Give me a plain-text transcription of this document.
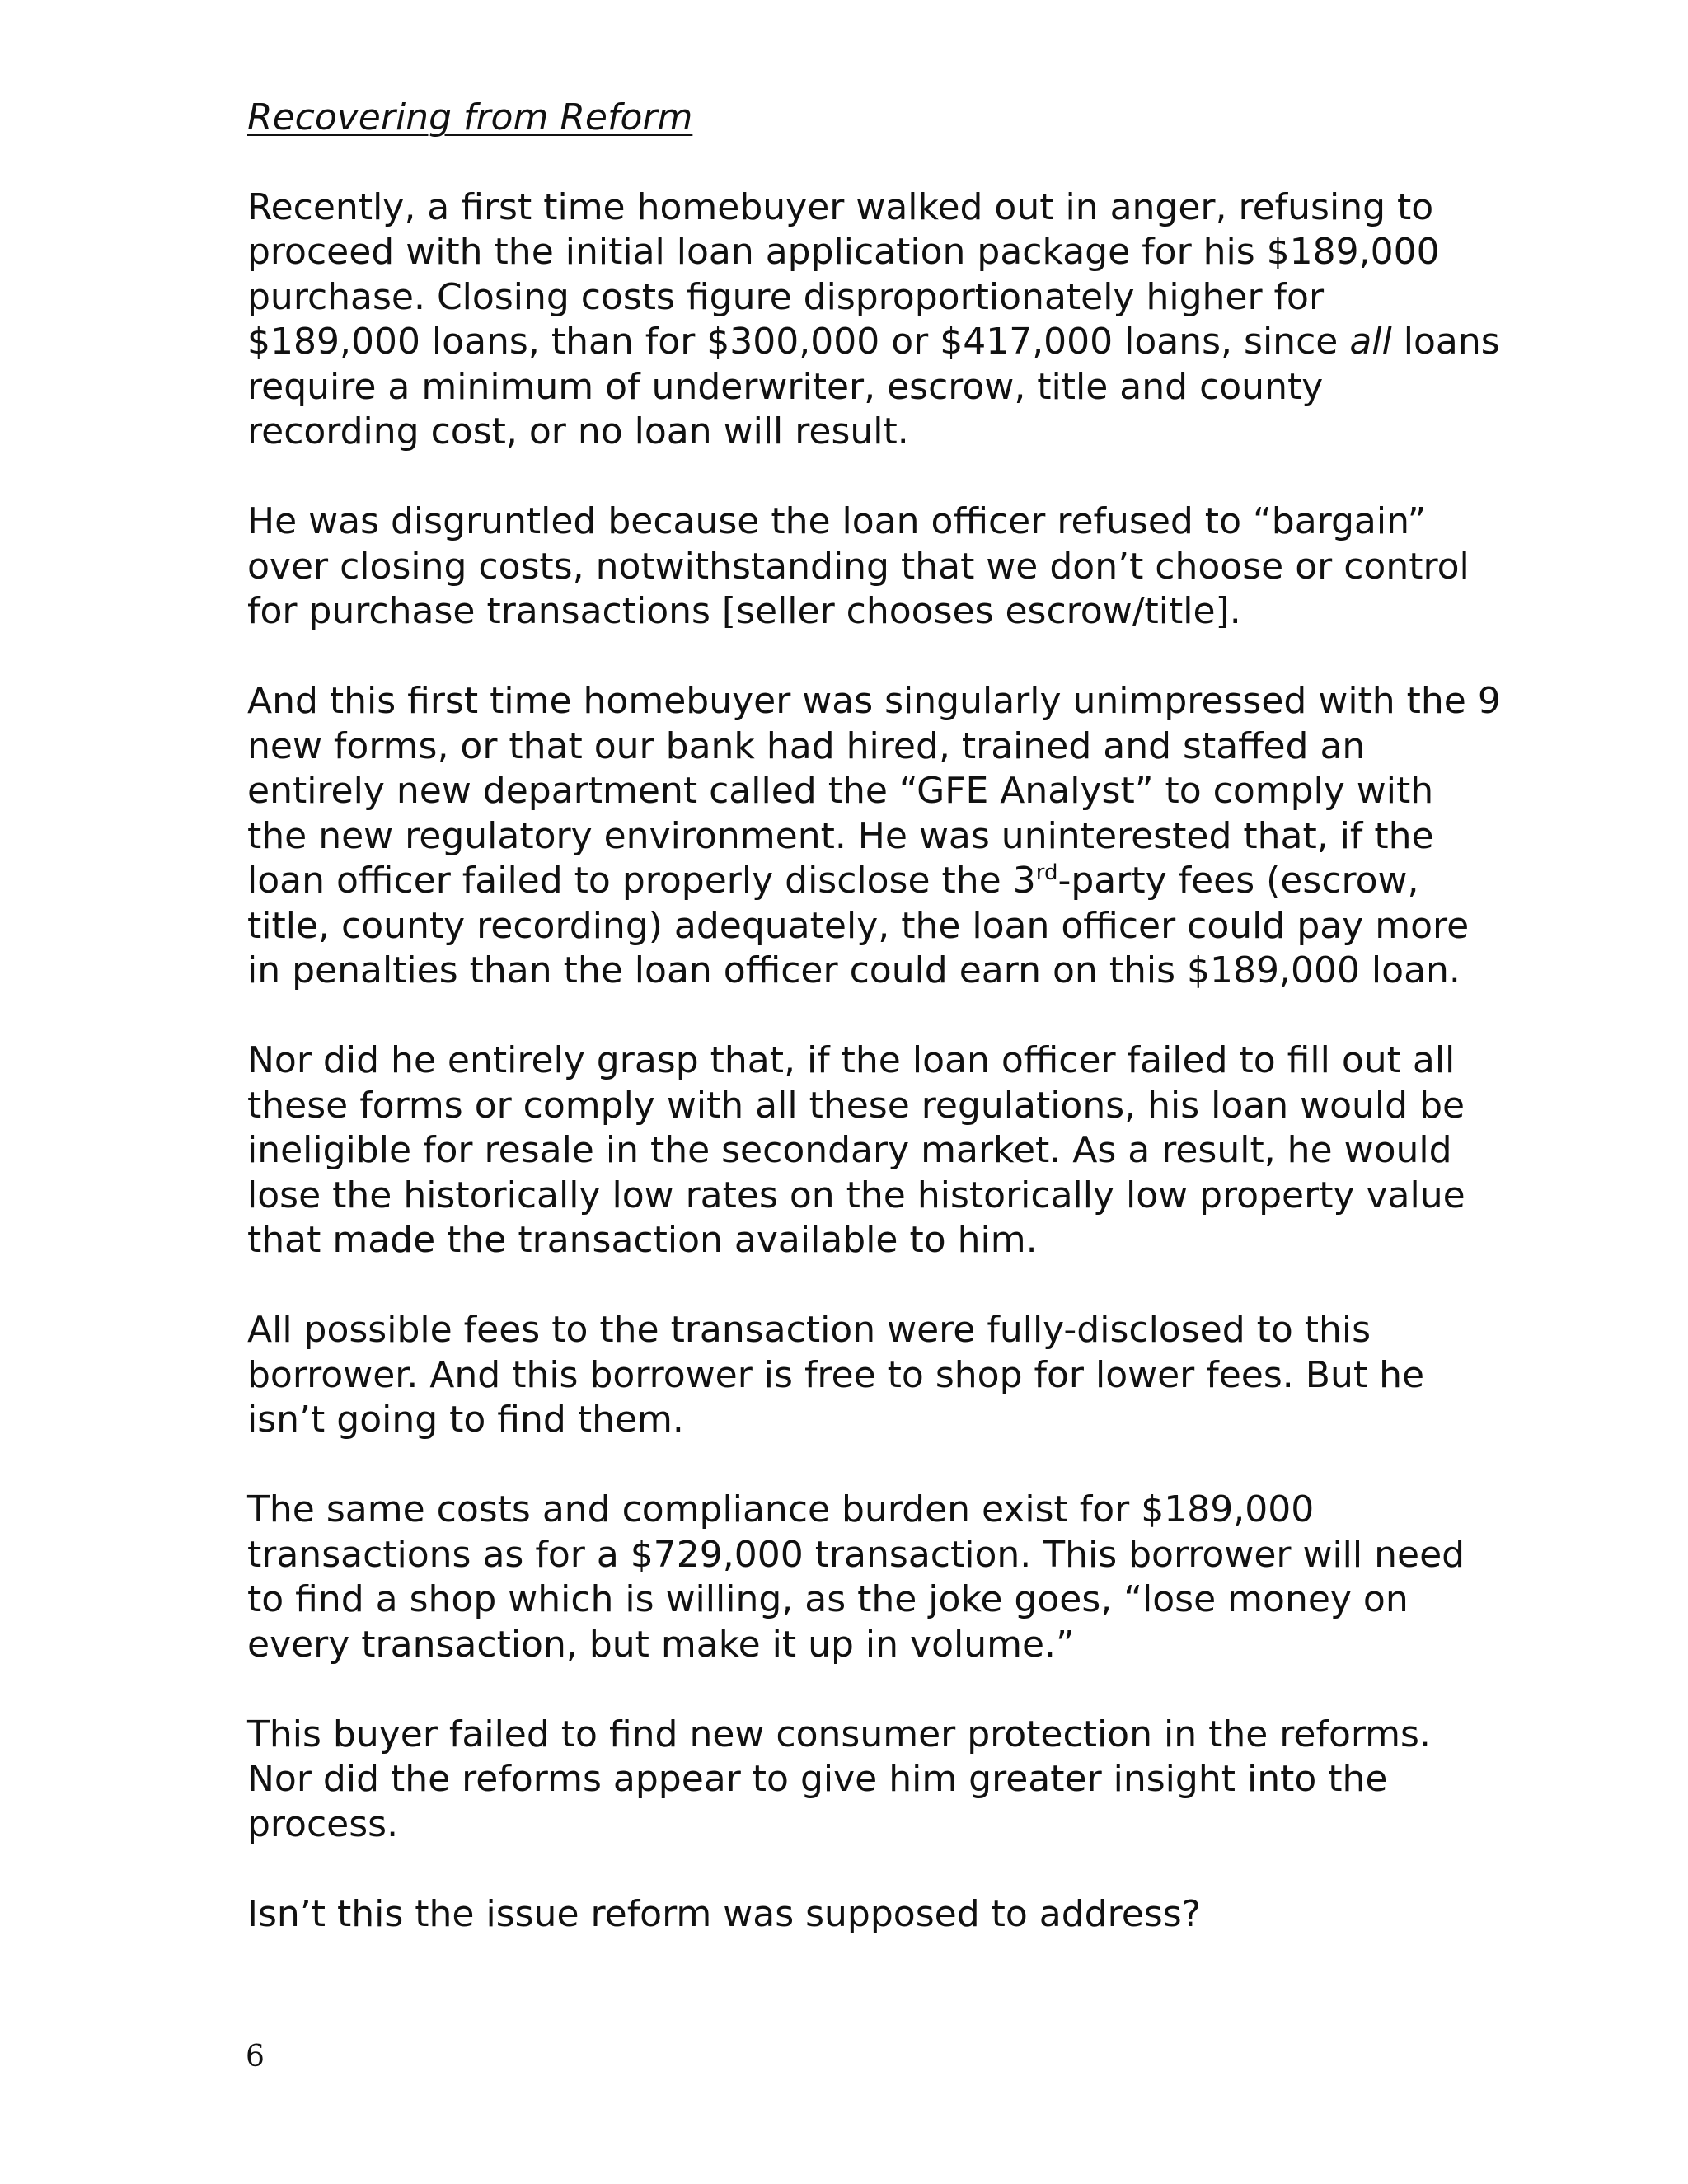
Recovering from Reform
Recently, a first time homebuyer walked out in anger, refusing to
proceed with the initial loan application package for his $189,000
purchase. Closing costs figure disproportionately higher for
$189,000 loans, than for $300,000 or $417,000 loans, since all loans
require a minimum of underwriter, escrow, title and county
recording cost, or no loan will result.
He was disgruntled because the loan officer refused to “bargain”
over closing costs, notwithstanding that we don’t choose or control
for purchase transactions [seller chooses escrow/title].
And this first time homebuyer was singularly unimpressed with the 9
new forms, or that our bank had hired, trained and staffed an
entirely new department called the “GFE Analyst” to comply with
the new regulatory environment. He was uninterested that, if the
loan officer failed to properly disclose the 3rd-party fees (escrow,
title, county recording) adequately, the loan officer could pay more
in penalties than the loan officer could earn on this $189,000 loan.
Nor did he entirely grasp that, if the loan officer failed to fill out all
these forms or comply with all these regulations, his loan would be
ineligible for resale in the secondary market. As a result, he would
lose the historically low rates on the historically low property value
that made the transaction available to him.
All possible fees to the transaction were fully-disclosed to this
borrower. And this borrower is free to shop for lower fees. But he
isn’t going to find them.
The same costs and compliance burden exist for $189,000
transactions as for a $729,000 transaction. This borrower will need
to find a shop which is willing, as the joke goes, “lose money on
every transaction, but make it up in volume.”
This buyer failed to find new consumer protection in the reforms.
Nor did the reforms appear to give him greater insight into the
process.
Isn’t this the issue reform was supposed to address?
6
